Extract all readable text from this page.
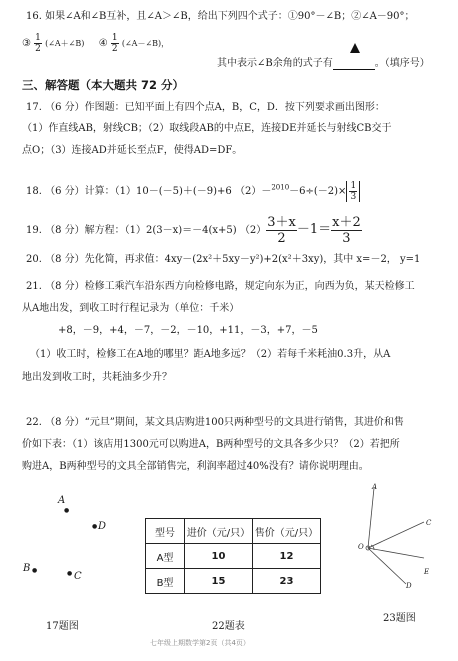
16. 如果∠A和∠B互补，且∠A＞∠B，给出下列四个式子：①90°－∠B；②∠A－90°；
③ $\frac{1}{2}$ (∠A＋∠B) ④ $\frac{1}{2}$ (∠A－∠B)，
其中表示∠B余角的式子有	。（填序号）
三、解答题（本大题共 72 分）
17. （6 分）作图题：已知平面上有四个点A，B，C，D．按下列要求画出图形：
（1）作直线AB，射线CB；（2）取线段AB的中点E，连接DE并延长与射线CB交于
点O；（3）连接AD并延长至点F，使得AD=DF。
18. （6 分）计算：（1）10－(－5)＋(－9)+6 $(2)-^{2010}-6\div(-2)\times \frac{1}{3}$
19. （8 分）解方程：（1）2(3－x)＝－4(x+5) $(2) \frac{3+x}{2} -1= \frac{x+2}{3}$
20. （8 分）先化简，再求值：4xy－(2x²＋5xy－y²)+2(x²＋3xy)，其中 x=－2， y=1
21. （8 分）检修工乘汽车沿东西方向检修电路，规定向东为正，向西为负，某天检修工
从A地出发，到收工时行程记录为（单位：千米）
+8，－9，+4，－7，－2，－10，+11，－3，+7，－5
（1）收工时，检修工在A地的哪里？距A地多远？（2）若每千米耗油0.3升，从A
地出发到收工时，共耗油多少升？
22. （8 分）“元旦”期间，某文具店购进100只两种型号的文具进行销售，其进价和售
价如下表：（1）该店用1300元可以购进A，B两种型号的文具各多少只？（2）若把所
购进A，B两种型号的文具全部销售完，利润率超过40%没有？请你说明理由。
A
●
● D
B ●	● C
型号	进价（元/只）	售价（元/只）
A型	10	12
B型	15	23
A
O
C
E
D
17题图	22题表
23题图
七年级上期数学第2页（共4页）
